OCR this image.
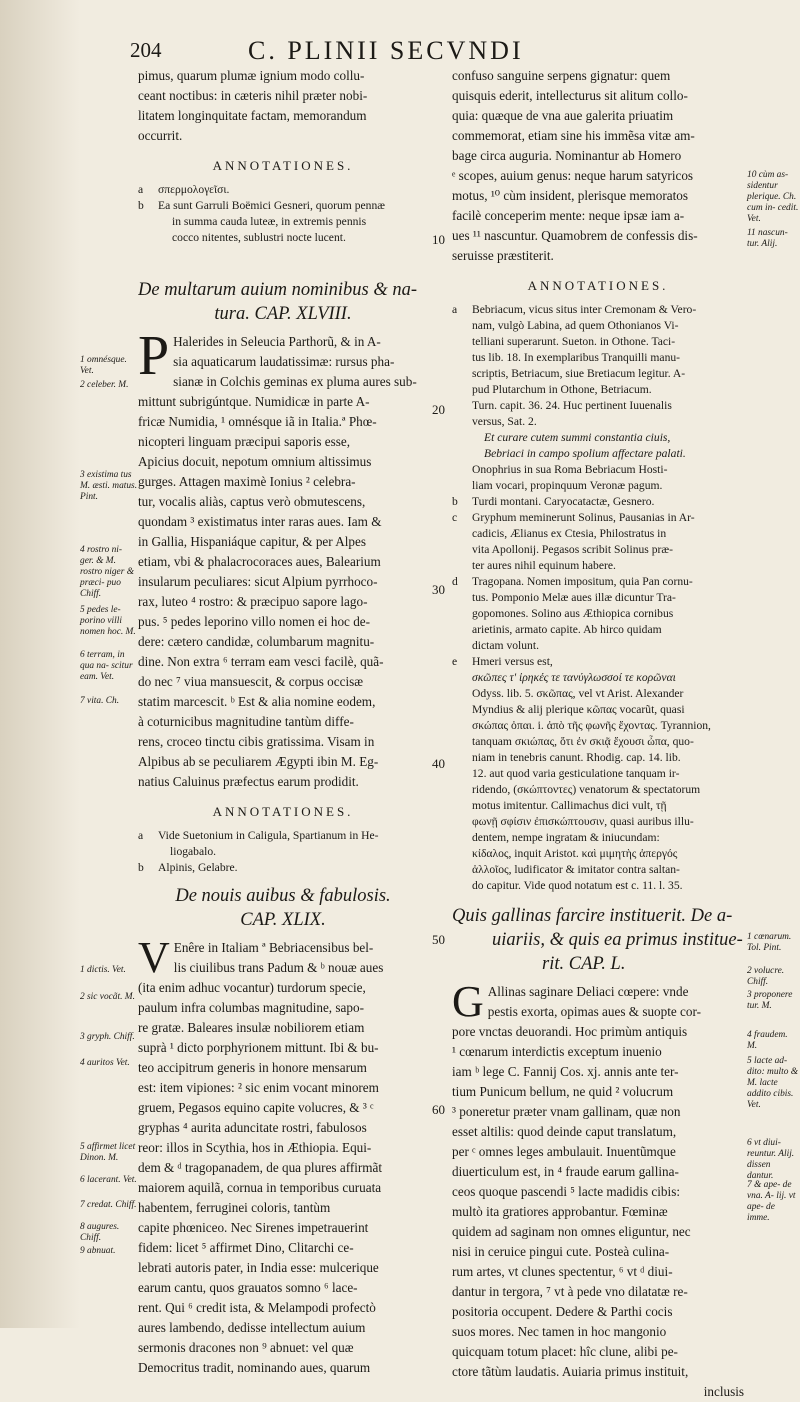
204	C. PLINII SECVNDI

pimus, quarum plumæ ignium modo collu-
ceant noctibus: in cæteris nihil præter nobi-
litatem longinquitate factam, memorandum
occurrit.

ANNOTATIONES.
a	σπερμολογεῖσι.
b	Ea sunt Garruli Boëmici Gesneri, quorum pennæ
in summa cauda luteæ, in extremis pennis
cocco nitentes, sublustri nocte lucent.
De multarum auium nominibus & na-
tura. CAP. XLVIII.

P Halerides in Seleucia Parthorũ, & in A-
sia aquaticarum laudatissimæ: rursus pha-
sianæ in Colchis geminas ex pluma aures sub-
mittunt subrigúntque. Numidicæ in parte A-
fricæ Numidia, ¹ omnésque iã in Italia.ª Phœ-
nicopteri linguam præcipui saporis esse,
Apicius docuit, nepotum omnium altissimus
gurges. Attagen maximè Ionius ² celebra-
tur, vocalis aliàs, captus verò obmutescens,
quondam ³ existimatus inter raras aues. Iam &
in Gallia, Hispaniáque capitur, & per Alpes
etiam, vbi & phalacrocoraces aues, Balearium
insularum peculiares: sicut Alpium pyrrhoco-
rax, luteo ⁴ rostro: & præcipuo sapore lago-
pus. ⁵ pedes leporino villo nomen ei hoc de-
dere: cætero candidæ, columbarum magnitu-
dine. Non extra ⁶ terram eam vesci facilè, quã-
do nec ⁷ viua mansuescit, & corpus occisæ
statim marcescit. ᵇ Est & alia nomine eodem,
à coturnicibus magnitudine tantùm diffe-
rens, croceo tinctu cibis gratissima. Visam in
Alpibus ab se peculiarem Ægypti ibin M. Eg-
natius Caluinus præfectus earum prodidit.

ANNOTATIONES.
a	Vide Suetonium in Caligula, Spartianum in He-
liogabalo.
b	Alpinis, Gelabre.
De nouis auibus & fabulosis.
CAP. XLIX.

V Enêre in Italiam ª Bebriacensibus bel-
lis ciuilibus trans Padum & ᵇ nouæ aues
(ita enim adhuc vocantur) turdorum specie,
paulum infra columbas magnitudine, sapo-
re gratæ. Baleares insulæ nobiliorem etiam
suprà ¹ dicto porphyrionem mittunt. Ibi & bu-
teo accipitrum generis in honore mensarum
est: item vipiones: ² sic enim vocant minorem
gruem, Pegasos equino capite volucres, & ³ ᶜ
gryphas ⁴ aurita aduncitate rostri, fabulosos
reor: illos in Scythia, hos in Æthiopia. Equi-
dem & ᵈ tragopanadem, de qua plures affirmãt
maiorem aquilã, cornua in temporibus curuata
habentem, ferruginei coloris, tantùm
capite phœniceo. Nec Sirenes impetrauerint
fidem: licet ⁵ affirmet Dino, Clitarchi ce-
lebrati autoris pater, in India esse: mulcerique
earum cantu, quos grauatos somno ⁶ lace-
rent. Qui ⁶ credit ista, & Melampodi profectò
aures lambendo, dedisse intellectum auium
sermonis dracones non ⁹ abnuet: vel quæ
Democritus tradit, nominando aues, quarum

confuso sanguine serpens gignatur: quem
quisquis ederit, intellecturus sit alitum collo-
quia: quæque de vna aue galerita priuatim
commemorat, etiam sine his immẽsa vitæ am-
bage circa auguria. Nominantur ab Homero
ᵉ scopes, auium genus: neque harum satyricos
motus, ¹⁰ cùm insident, plerisque memoratos
facilè conceperim mente: neque ipsæ iam a-
ues ¹¹ nascuntur. Quamobrem de confessis dis-
seruisse præstiterit.

ANNOTATIONES.
a	Bebriacum, vicus situs inter Cremonam & Vero-
nam, vulgò Labina, ad quem Othonianos Vi-
telliani superarunt. Sueton. in Othone. Taci-
tus lib. 18. In exemplaribus Tranquilli manu-
scriptis, Betriacum, siue Bretiacum legitur. A-
pud Plutarchum in Othone, Betriacum.
Turn. capit. 36. 24. Huc pertinent Iuuenalis
versus, Sat. 2.
Et curare cutem summi constantia ciuis,
Bebriaci in campo spolium affectare palati.
Onophrius in sua Roma Bebriacum Hosti-
liam vocari, propinquum Veronæ pagum.
b	Turdi montani. Caryocatactæ, Gesnero.
c	Gryphum meminerunt Solinus, Pausanias in Ar-
cadicis, Ælianus ex Ctesia, Philostratus in
vita Apollonij. Pegasos scribit Solinus præ-
ter aures nihil equinum habere.
d	Tragopana. Nomen impositum, quia Pan cornu-
tus. Pomponio Melæ aues illæ dicuntur Tra-
gopomones. Solino aus Æthiopica cornibus
arietinis, armato capite. Ab hirco quidam
dictam volunt.
e	Hmeri versus est,
σκῶπες τ' ἰρηκές τε τανύγλωσσοί τε κορῶναι
Odyss. lib. 5. σκῶπας, vel vt Arist. Alexander
Myndius & alij plerique κῶπας vocarũt, quasi
σκώπας ὀπαι. i. ἀπὸ τῆς φωνῆς ἔχοντας. Tyrannion,
tanquam σκιώπας, ὅτι ἐν σκιᾷ ἔχουσι ὦπα, quo-
niam in tenebris canunt. Rhodig. cap. 14. lib.
12. aut quod varia gesticulatione tanquam ir-
ridendo, (σκώπτοντες) venatorum & spectatorum
motus imitentur. Callimachus dici vult, τῇ
φωνῇ σφίσιν ἐπισκώπτουσιν, quasi auribus illu-
dentem, nempe ingratam & iniucundam:
κίδαλος, inquit Aristot. καὶ μιμητὴς ἀπεργός
ἀλλοῖος, ludificator & imitator contra saltan-
do capitur. Vide quod notatum est c. 11. l. 35.
Quis gallinas farcire instituerit. De a-
uiariis, & quis ea primus institue-
rit. CAP. L.

G Allinas saginare Deliaci cœpere: vnde
pestis exorta, opimas aues & suopte cor-
pore vnctas deuorandi. Hoc primùm antiquis
¹ cœnarum interdictis exceptum inuenio
iam ᵇ lege C. Fannij Cos. xj. annis ante ter-
tium Punicum bellum, ne quid ² volucrum
³ poneretur præter vnam gallinam, quæ non
esset altilis: quod deinde caput translatum,
per ᶜ omnes leges ambulauit. Inuentũmque
diuerticulum est, in ⁴ fraude earum gallina-
ceos quoque pascendi ⁵ lacte madidis cibis:
multò ita gratiores approbantur. Fœminæ
quidem ad saginam non omnes eliguntur, nec
nisi in ceruice pingui cute. Posteà culina-
rum artes, vt clunes spectentur, ⁶ vt ᵈ diui-
dantur in tergora, ⁷ vt à pede vno dilatatæ re-
positoria occupent. Dedere & Parthi cocis
suos mores. Nec tamen in hoc mangonio
quicquam totum placet: hîc clune, alibi pe-
ctore tãtùm laudatis. Auiaria primus instituit,
inclusis

10
20
30
40
50
60
1 omnésque. Vet.
2 celeber. M.
3 existima tus M. æsti. matus. Pint.
4 rostro ni- ger. & M. rostro niger & præci- puo Chiff.
5 pedes le- porino villi nomen hoc. M.
6 terram, in qua na- scitur eam. Vet.
7 vita. Ch.
1 dictis. Vet.
2 sic vocãt. M.
3 gryph. Chiff.
4 auritos Vet.
5 affirmet licet Dinon. M.
6 lacerant. Vet.
7 credat. Chiff.
8 augures. Chiff.
9 abnuat.
10 cùm as- sidentur plerique. Ch. cum in- cedit. Vet.
11 nascun- tur. Alij.
1 cœnarum. Tol. Pint.
2 volucre. Chiff.
3 proponere tur. M.
4 fraudem. M.
5 lacte ad- dito: multo & M. lacte addito cibis. Vet.
6 vt diui- reuntur. Alij. dissen dantur.
7 & ape- de vna. A- lij. vt ape- de imme.
